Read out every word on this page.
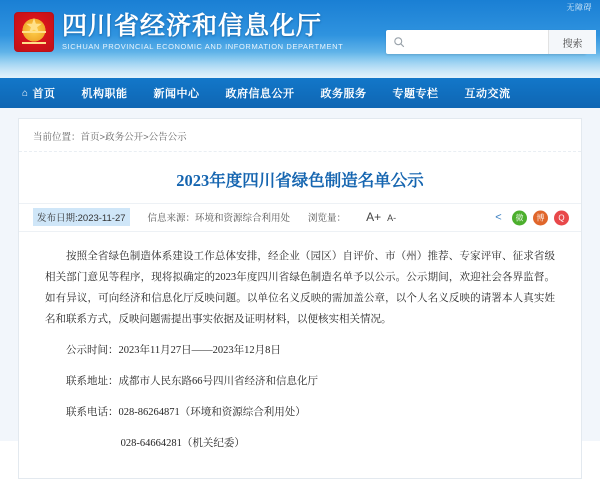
无障碍
★
四川省经济和信息化厅
SICHUAN PROVINCIAL ECONOMIC AND INFORMATION DEPARTMENT	搜索
⌂ 首页 机构职能 新闻中心 政府信息公开 政务服务 专题专栏 互动交流
当前位置：首页>政务公开>公告公示
2023年度四川省绿色制造名单公示
发布日期:2023-11-27	信息来源：环境和资源综合利用处 浏览量： A+ A-	<	微	博	Q

按照全省绿色制造体系建设工作总体安排，经企业（园区）自评价、市（州）推荐、专家评审、征求省级相关部门意见等程序，现将拟确定的2023年度四川省绿色制造名单予以公示。公示期间，欢迎社会各界监督。如有异议，可向经济和信息化厅反映问题。以单位名义反映的需加盖公章，以个人名义反映的请署本人真实姓名和联系方式，反映问题需提出事实依据及证明材料，以便核实相关情况。

公示时间：2023年11月27日——2023年12月8日
联系地址：成都市人民东路66号四川省经济和信息化厅
联系电话：028-86264871（环境和资源综合利用处）
028-64664281（机关纪委）
